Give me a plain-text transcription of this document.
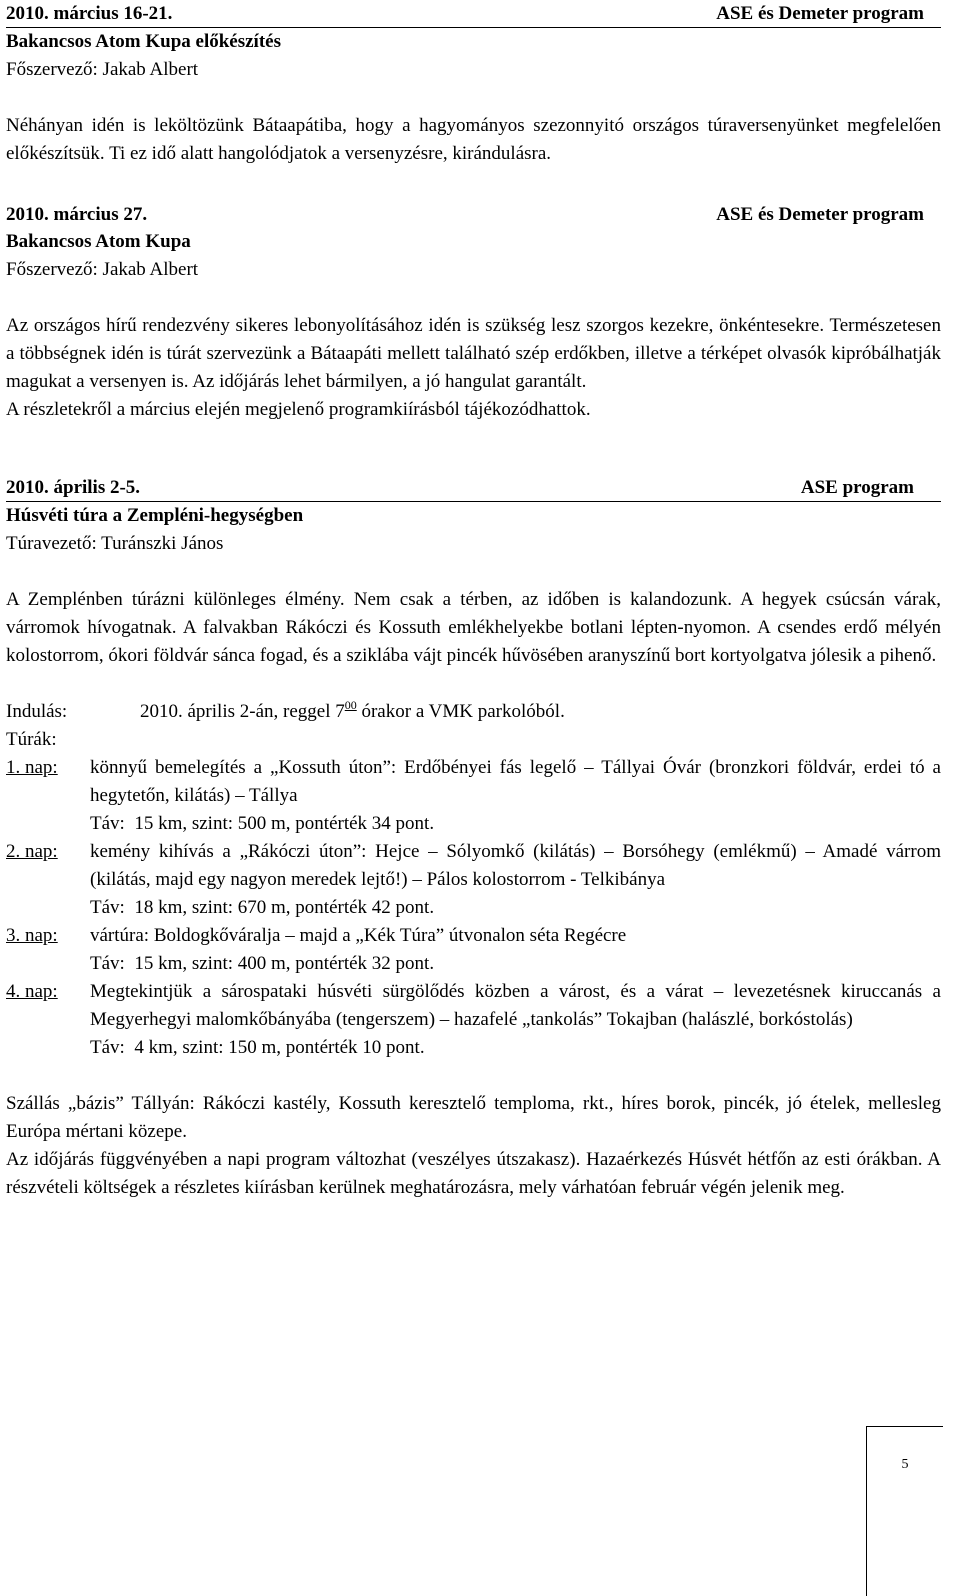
2010. március 16-21.	ASE és Demeter program
Bakancsos Atom Kupa előkészítés
Főszervező: Jakab Albert

Néhányan idén is leköltözünk Bátaapátiba, hogy a hagyományos szezonnyitó országos túraversenyünket megfelelően előkészítsük. Ti ez idő alatt hangolódjatok a versenyzésre, kirándulásra.

2010. március 27.	ASE és Demeter program
Bakancsos Atom Kupa
Főszervező: Jakab Albert

Az országos hírű rendezvény sikeres lebonyolításához idén is szükség lesz szorgos kezekre, önkéntesekre. Természetesen a többségnek idén is túrát szervezünk a Bátaapáti mellett található szép erdőkben, illetve a térképet olvasók kipróbálhatják magukat a versenyen is. Az időjárás lehet bármilyen, a jó hangulat garantált.

A részletekről a március elején megjelenő programkiírásból tájékozódhattok.

2010. április 2-5.	ASE program
Húsvéti túra a Zempléni-hegységben
Túravezető: Turánszki János

A Zemplénben túrázni különleges élmény. Nem csak a térben, az időben is kalandozunk. A hegyek csúcsán várak, várromok hívogatnak. A falvakban Rákóczi és Kossuth emlékhelyekbe botlani lépten-nyomon. A csendes erdő mélyén kolostorrom, ókori földvár sánca fogad, és a sziklába vájt pincék hűvösében aranyszínű bort kortyolgatva jólesik a pihenő.

Indulás:	2010. április 2-án, reggel $7^{00}$ órakor a VMK parkolóból.
Túrák:
1. nap:	könnyű bemelegítés a „Kossuth úton”: Erdőbényei fás legelő – Tállyai Óvár (bronzkori földvár, erdei tó a hegytetőn, kilátás) – Tállya

Táv:  15 km, szint: 500 m, pontérték 34 pont.
2. nap:	kemény kihívás a „Rákóczi úton”: Hejce – Sólyomkő (kilátás) – Borsóhegy (emlékmű) – Amadé várrom (kilátás, majd egy nagyon meredek lejtő!) – Pálos kolostorrom - Telkibánya

Táv:  18 km, szint: 670 m, pontérték 42 pont.
3. nap:	vártúra: Boldogkőváralja – majd a „Kék Túra” útvonalon séta Regécre

Táv:  15 km, szint: 400 m, pontérték 32 pont.
4. nap:	Megtekintjük a sárospataki húsvéti sürgölődés közben a várost, és a várat – levezetésnek kiruccanás a Megyerhegyi malomkőbányába (tengerszem) – hazafelé „tankolás” Tokajban (halászlé, borkóstolás)

Táv:  4 km, szint: 150 m, pontérték 10 pont.

Szállás „bázis” Tállyán: Rákóczi kastély, Kossuth keresztelő temploma, rkt., híres borok, pincék, jó ételek, mellesleg Európa mértani közepe.

Az időjárás függvényében a napi program változhat (veszélyes útszakasz). Hazaérkezés Húsvét hétfőn az esti órákban. A részvételi költségek a részletes kiírásban kerülnek meghatározásra, mely várhatóan február végén jelenik meg.

5
